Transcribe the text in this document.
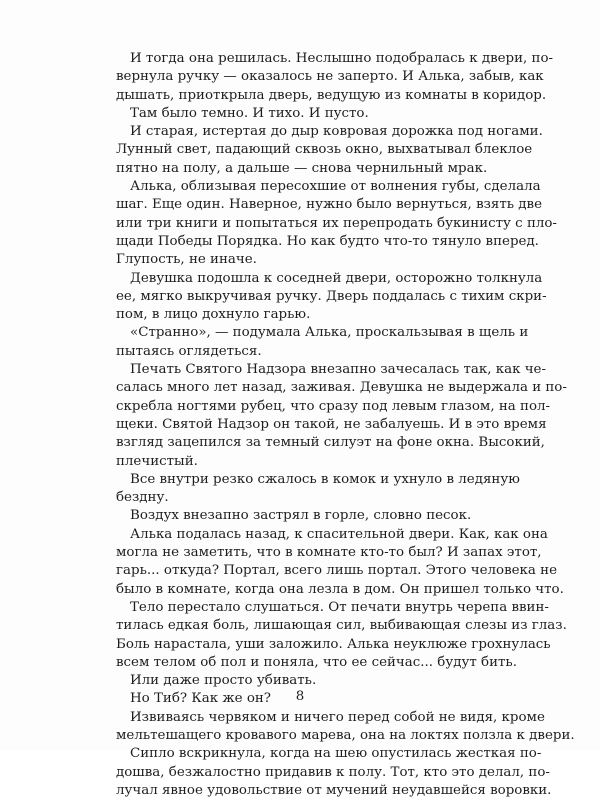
И тогда она решилась. Неслышно подобралась к двери, по-
вернула ручку — оказалось не заперто. И Алька, забыв, как
дышать, приоткрыла дверь, ведущую из комнаты в коридор.
Там было темно. И тихо. И пусто.
И старая, истертая до дыр ковровая дорожка под ногами.
Лунный свет, падающий сквозь окно, выхватывал блеклое
пятно на полу, а дальше — снова чернильный мрак.
Алька, облизывая пересохшие от волнения губы, сделала
шаг. Еще один. Наверное, нужно было вернуться, взять две
или три книги и попытаться их перепродать букинисту с пло-
щади Победы Порядка. Но как будто что-то тянуло вперед.
Глупость, не иначе.
Девушка подошла к соседней двери, осторожно толкнула
ее, мягко выкручивая ручку. Дверь поддалась с тихим скри-
пом, в лицо дохнуло гарью.
«Странно», — подумала Алька, проскальзывая в щель и
пытаясь оглядеться.
Печать Святого Надзора внезапно зачесалась так, как че-
салась много лет назад, заживая. Девушка не выдержала и по-
скребла ногтями рубец, что сразу под левым глазом, на пол-
щеки. Святой Надзор он такой, не забалуешь. И в это время
взгляд зацепился за темный силуэт на фоне окна. Высокий,
плечистый.
Все внутри резко сжалось в комок и ухнуло в ледяную
бездну.
Воздух внезапно застрял в горле, словно песок.
Алька подалась назад, к спасительной двери. Как, как она
могла не заметить, что в комнате кто-то был? И запах этот,
гарь... откуда? Портал, всего лишь портал. Этого человека не
было в комнате, когда она лезла в дом. Он пришел только что.
Тело перестало слушаться. От печати внутрь черепа ввин-
тилась едкая боль, лишающая сил, выбивающая слезы из глаз.
Боль нарастала, уши заложило. Алька неуклюже грохнулась
всем телом об пол и поняла, что ее сейчас... будут бить.
Или даже просто убивать.
Но Тиб? Как же он?
Извиваясь червяком и ничего перед собой не видя, кроме
мельтешащего кровавого марева, она на локтях ползла к двери.
Сипло вскрикнула, когда на шею опустилась жесткая по-
дошва, безжалостно придавив к полу. Тот, кто это делал, по-
лучал явное удовольствие от мучений неудавшейся воровки.
8
